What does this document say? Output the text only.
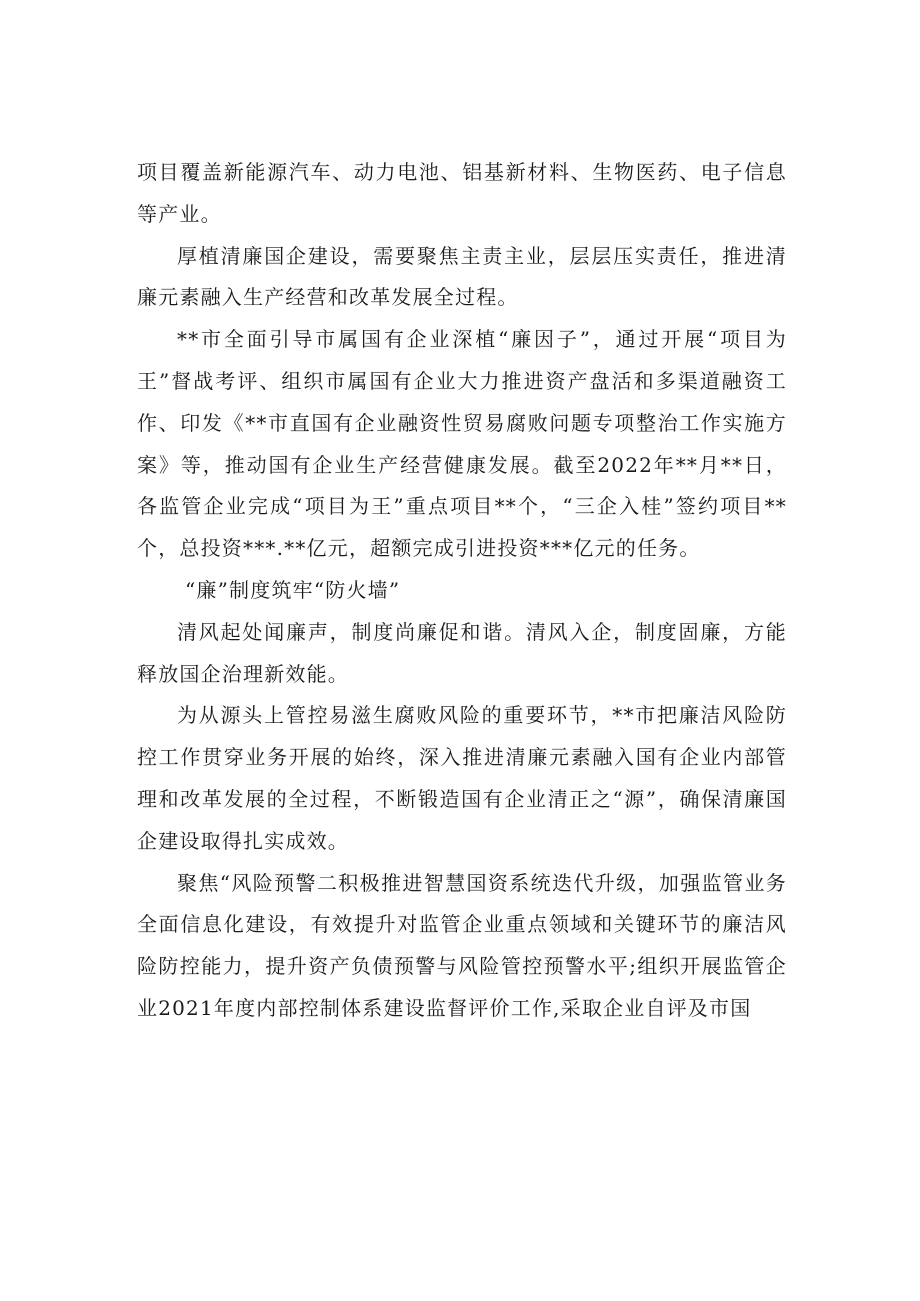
项目覆盖新能源汽车、动力电池、铝基新材料、生物医药、电子信息等产业。

厚植清廉国企建设，需要聚焦主责主业，层层压实责任，推进清廉元素融入生产经营和改革发展全过程。

**市全面引导市属国有企业深植“廉因子”，通过开展“项目为王”督战考评、组织市属国有企业大力推进资产盘活和多渠道融资工作、印发《**市直国有企业融资性贸易腐败问题专项整治工作实施方案》等，推动国有企业生产经营健康发展。截至2022年**月**日，各监管企业完成“项目为王”重点项目**个，“三企入桂”签约项目**个，总投资***.**亿元，超额完成引进投资***亿元的任务。

“廉”制度筑牢“防火墙”

清风起处闻廉声，制度尚廉促和谐。清风入企，制度固廉，方能释放国企治理新效能。

为从源头上管控易滋生腐败风险的重要环节，**市把廉洁风险防控工作贯穿业务开展的始终，深入推进清廉元素融入国有企业内部管理和改革发展的全过程，不断锻造国有企业清正之“源”，确保清廉国企建设取得扎实成效。

聚焦“风险预警二积极推进智慧国资系统迭代升级，加强监管业务全面信息化建设，有效提升对监管企业重点领域和关键环节的廉洁风险防控能力，提升资产负债预警与风险管控预警水平;组织开展监管企业2021年度内部控制体系建设监督评价工作,采取企业自评及市国
